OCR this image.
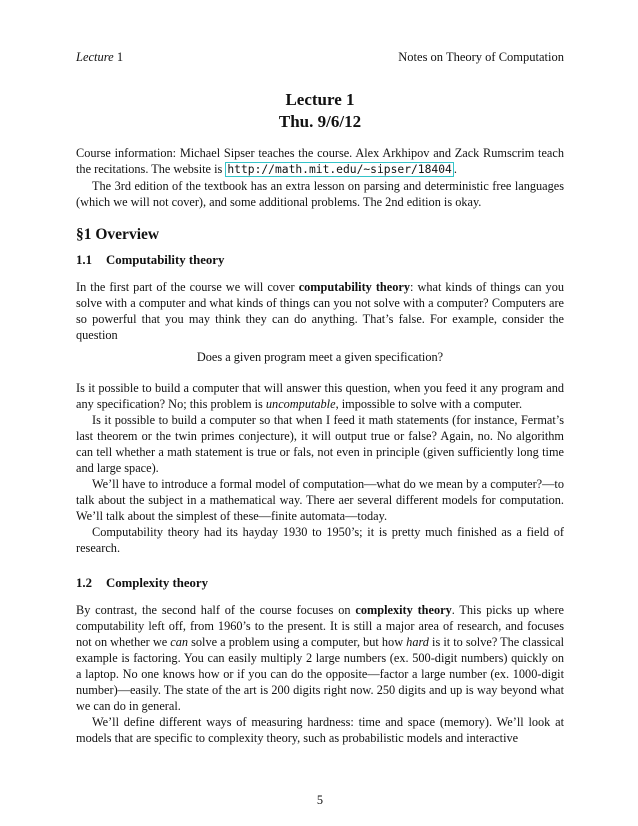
Lecture 1	Notes on Theory of Computation
Lecture 1
Thu. 9/6/12

Course information: Michael Sipser teaches the course. Alex Arkhipov and Zack Rumscrim teach the recitations. The website is http://math.mit.edu/~sipser/18404 .

The 3rd edition of the textbook has an extra lesson on parsing and deterministic free languages (which we will not cover), and some additional problems. The 2nd edition is okay.

§1 Overview
1.1 Computability theory

In the first part of the course we will cover computability theory: what kinds of things can you solve with a computer and what kinds of things can you not solve with a computer? Computers are so powerful that you may think they can do anything. That’s false. For example, consider the question

Does a given program meet a given specification?

Is it possible to build a computer that will answer this question, when you feed it any program and any specification? No; this problem is uncomputable, impossible to solve with a computer.

Is it possible to build a computer so that when I feed it math statements (for instance, Fermat’s last theorem or the twin primes conjecture), it will output true or false? Again, no. No algorithm can tell whether a math statement is true or fals, not even in principle (given sufficiently long time and large space).

We’ll have to introduce a formal model of computation—what do we mean by a computer?—to talk about the subject in a mathematical way. There aer several different models for computation. We’ll talk about the simplest of these—finite automata—today.

Computability theory had its hayday 1930 to 1950’s; it is pretty much finished as a field of research.

1.2 Complexity theory

By contrast, the second half of the course focuses on complexity theory. This picks up where computability left off, from 1960’s to the present. It is still a major area of research, and focuses not on whether we can solve a problem using a computer, but how hard is it to solve? The classical example is factoring. You can easily multiply 2 large numbers (ex. 500-digit numbers) quickly on a laptop. No one knows how or if you can do the opposite—factor a large number (ex. 1000-digit number)—easily. The state of the art is 200 digits right now. 250 digits and up is way beyond what we can do in general.

We’ll define different ways of measuring hardness: time and space (memory). We’ll look at models that are specific to complexity theory, such as probabilistic models and interactive

5
